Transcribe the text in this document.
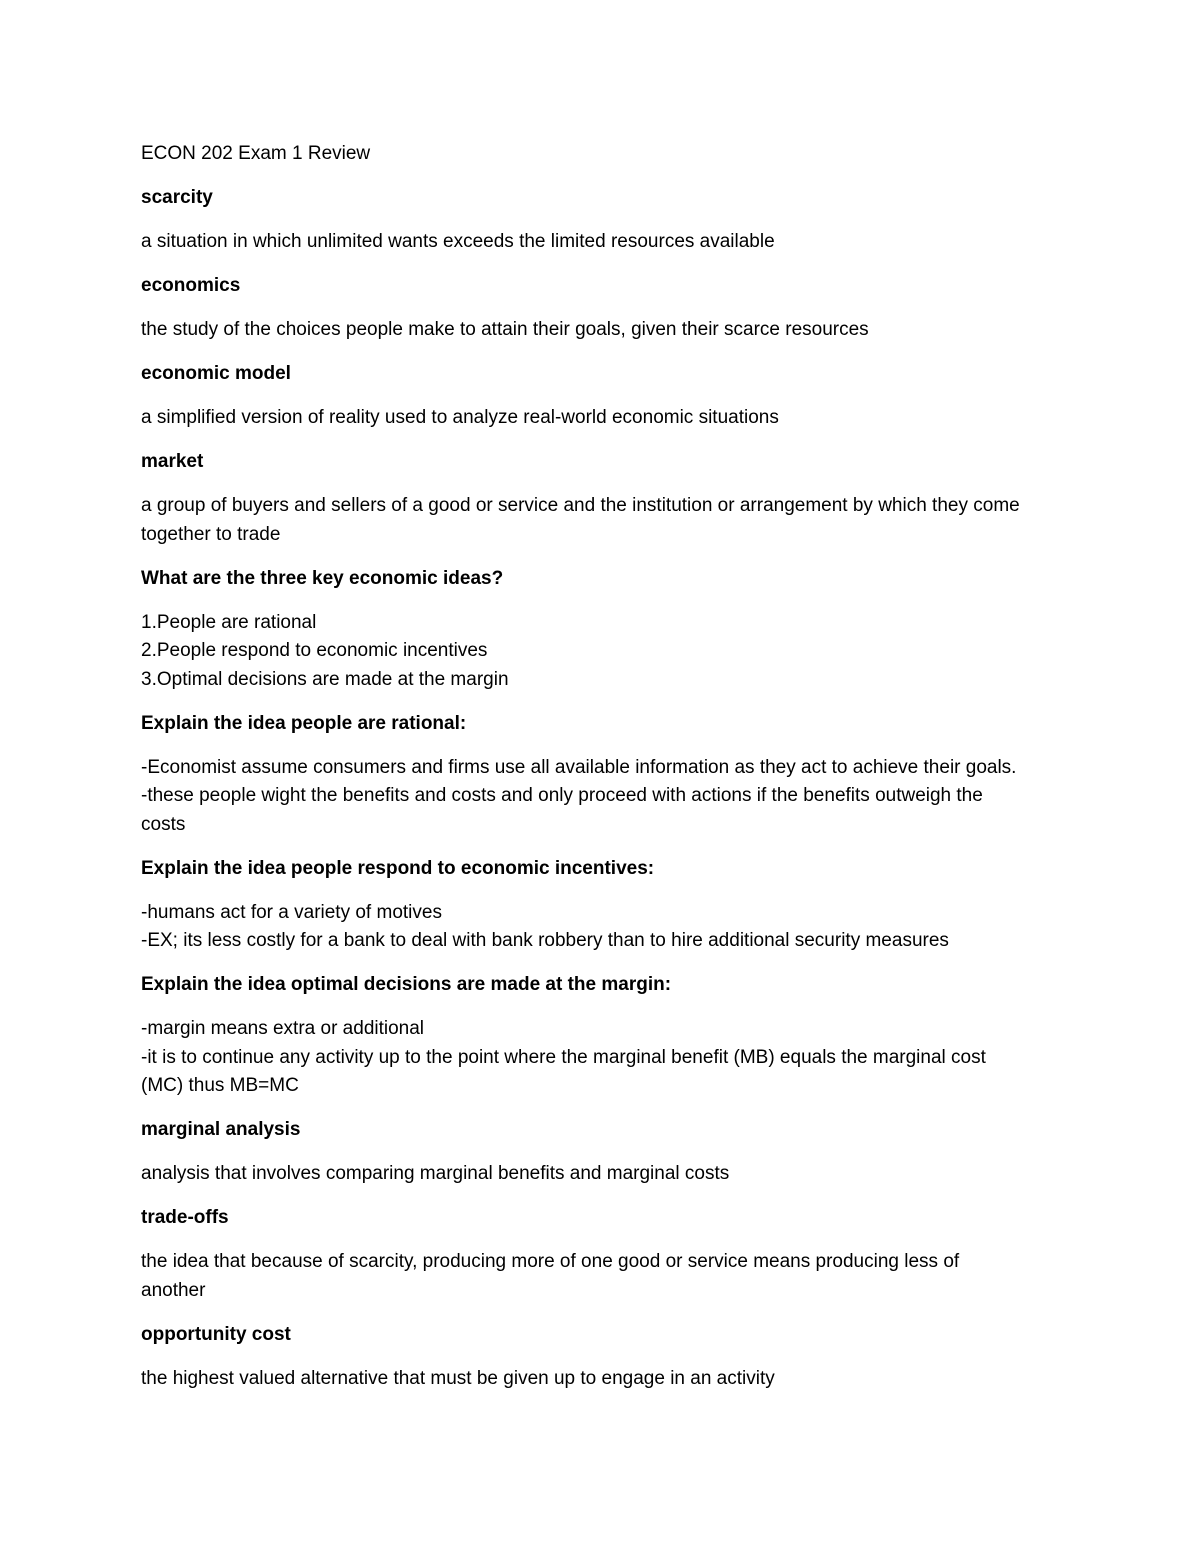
ECON 202 Exam 1 Review
scarcity
a situation in which unlimited wants exceeds the limited resources available
economics
the study of the choices people make to attain their goals, given their scarce resources
economic model
a simplified version of reality used to analyze real-world economic situations
market
a group of buyers and sellers of a good or service and the institution or arrangement by which they come
together to trade
What are the three key economic ideas?
1.People are rational
2.People respond to economic incentives
3.Optimal decisions are made at the margin
Explain the idea people are rational:
-Economist assume consumers and firms use all available information as they act to achieve their goals.
-these people wight the benefits and costs and only proceed with actions if the benefits outweigh the
costs
Explain the idea people respond to economic incentives:
-humans act for a variety of motives
-EX; its less costly for a bank to deal with bank robbery than to hire additional security measures
Explain the idea optimal decisions are made at the margin:
-margin means extra or additional
-it is to continue any activity up to the point where the marginal benefit (MB) equals the marginal cost
(MC) thus MB=MC
marginal analysis
analysis that involves comparing marginal benefits and marginal costs
trade-offs
the idea that because of scarcity, producing more of one good or service means producing less of
another
opportunity cost
the highest valued alternative that must be given up to engage in an activity
